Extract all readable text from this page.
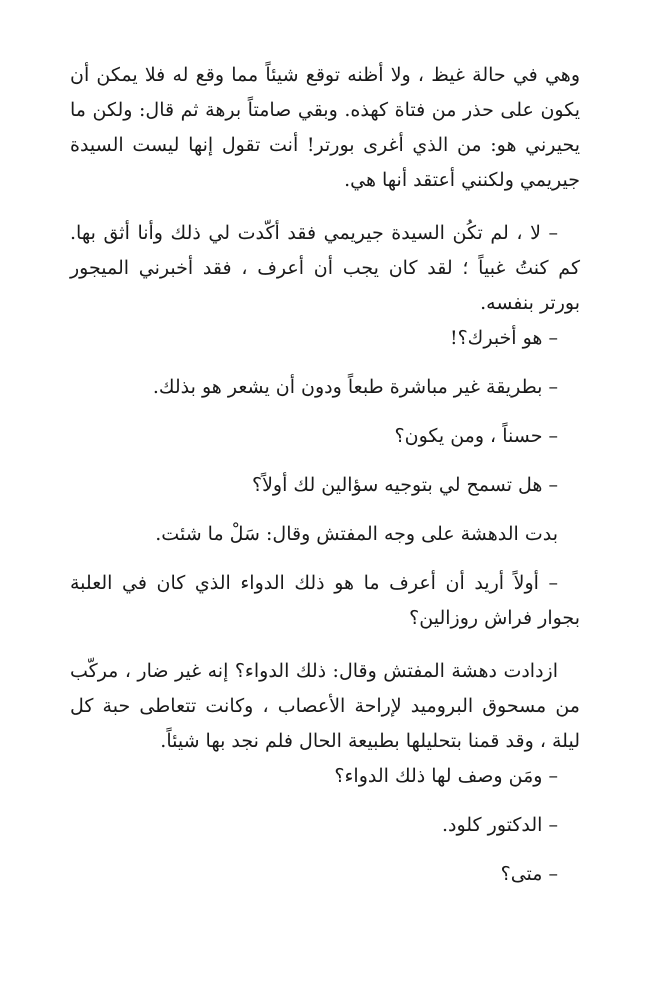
وهي في حالة غيظ ، ولا أظنه توقع شيئاً مما وقع له فلا يمكن أن يكون على حذر من فتاة كهذه. وبقي صامتاً برهة ثم قال: ولكن ما يحيرني هو: من الذي أغرى بورتر! أنت تقول إنها ليست السيدة جيريمي ولكنني أعتقد أنها هي.

– لا ، لم تكُن السيدة جيريمي فقد أكّدت لي ذلك وأنا أثق بها. كم كنتُ غبياً ؛ لقد كان يجب أن أعرف ، فقد أخبرني الميجور بورتر بنفسه.

– هو أخبرك؟!

– بطريقة غير مباشرة طبعاً ودون أن يشعر هو بذلك.

– حسناً ، ومن يكون؟

– هل تسمح لي بتوجيه سؤالين لك أولاً؟

بدت الدهشة على وجه المفتش وقال: سَلْ ما شئت.

– أولاً أريد أن أعرف ما هو ذلك الدواء الذي كان في العلبة بجوار فراش روزالين؟

ازدادت دهشة المفتش وقال: ذلك الدواء؟ إنه غير ضار ، مركّب من مسحوق البروميد لإراحة الأعصاب ، وكانت تتعاطى حبة كل ليلة ، وقد قمنا بتحليلها بطبيعة الحال فلم نجد بها شيئاً.

– ومَن وصف لها ذلك الدواء؟

– الدكتور كلود.

– متى؟
